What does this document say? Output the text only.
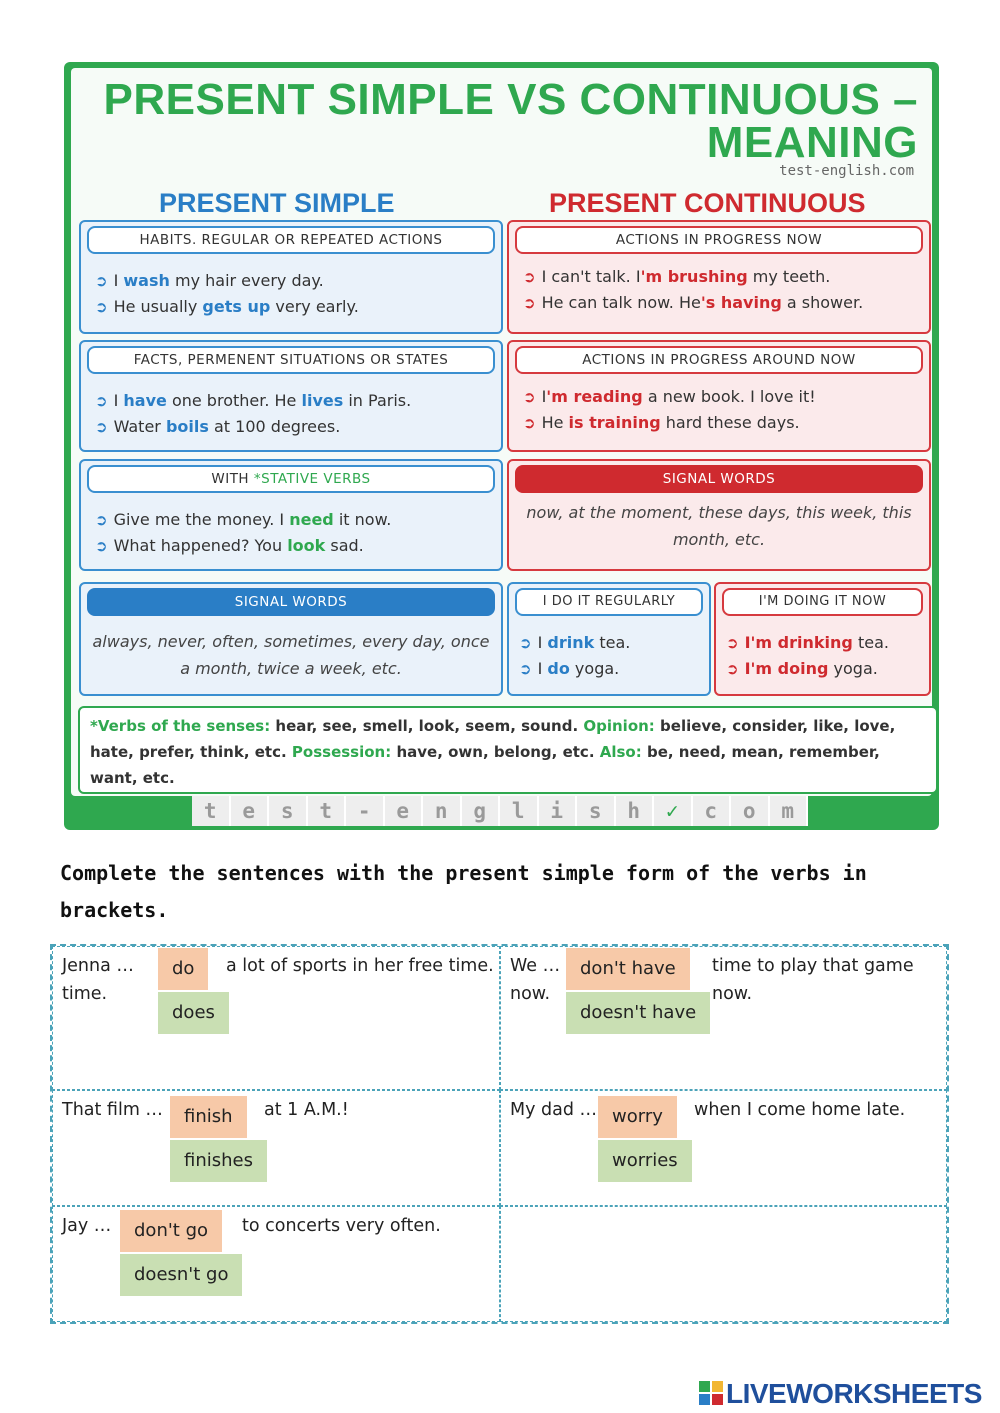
PRESENT SIMPLE VS CONTINUOUS – MEANING
test-english.com
PRESENT SIMPLE	PRESENT CONTINUOUS
HABITS. REGULAR OR REPEATED ACTIONS
➲ I wash my hair every day.
➲ He usually gets up very early.
FACTS, PERMENENT SITUATIONS OR STATES
➲ I have one brother. He lives in Paris.
➲ Water boils at 100 degrees.
WITH *STATIVE VERBS
➲ Give me the money. I need it now.
➲ What happened? You look sad.
SIGNAL WORDS
always, never, often, sometimes, every day, once a month, twice a week, etc.
ACTIONS IN PROGRESS NOW
➲ I can't talk. I'm brushing my teeth.
➲ He can talk now. He's having a shower.
ACTIONS IN PROGRESS AROUND NOW
➲ I'm reading a new book. I love it!
➲ He is training hard these days.
SIGNAL WORDS
now, at the moment, these days, this week, this month, etc.
I DO IT REGULARLY
➲ I drink tea.
➲ I do yoga.
I'M DOING IT NOW
➲ I'm drinking tea.
➲ I'm doing yoga.
*Verbs of the senses: hear, see, smell, look, seem, sound. Opinion: believe, consider, like, love, hate, prefer, think, etc. Possession: have, own, belong, etc. Also: be, need, mean, remember, want, etc.
t	e	s	t	-	e	n	g	l	i	s	h	✓	c	o	m
Complete the sentences with the present simple form of the verbs in brackets.
Jenna …	a lot of sports in her free time.
time.
do
does
We …	time to play that game now.
now.
don't have
doesn't have
That film …	at 1 A.M.!
finish
finishes
My dad …	when I come home late.
worry
worries
Jay …	to concerts very often.
don't go
doesn't go
LIVEWORKSHEETS
